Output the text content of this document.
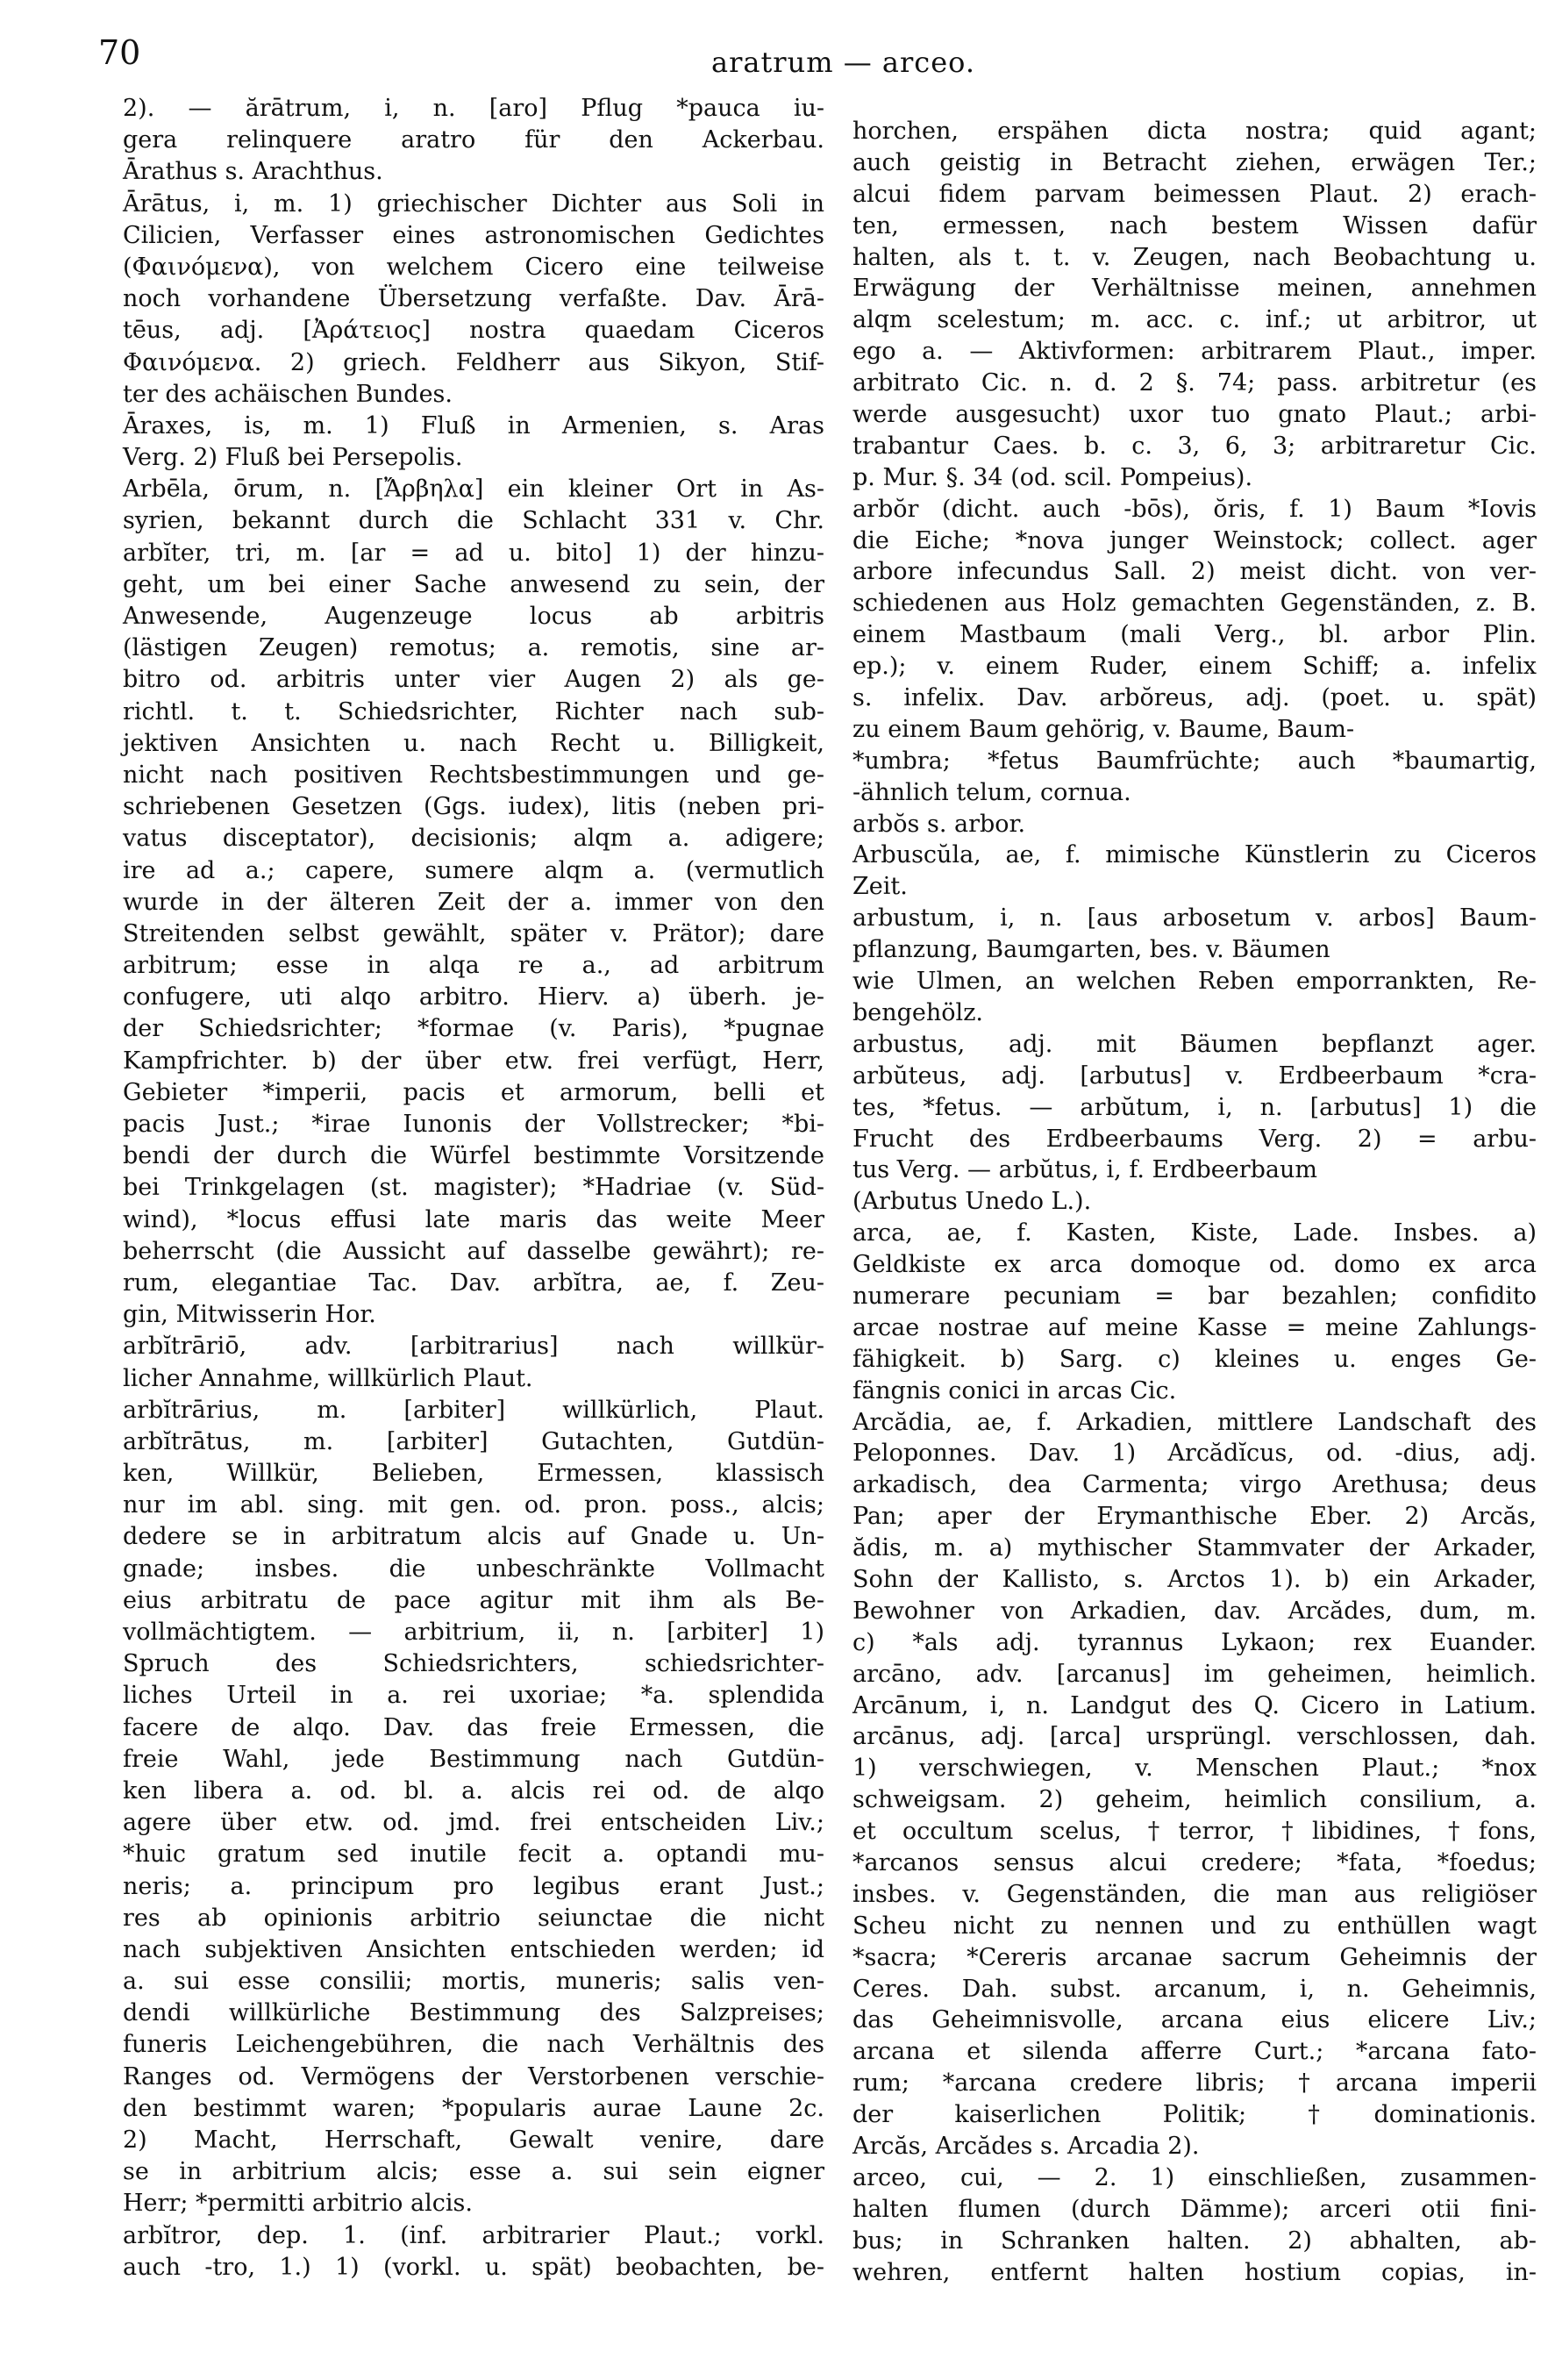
70	aratrum — arceo.
2). — ărātrum, i, n. [aro] Pflug *pauca iu-
gera relinquere aratro für den Ackerbau.
Ārathus s. Arachthus.
Ārātus, i, m. 1) griechischer Dichter aus Soli in
Cilicien, Verfasser eines astronomischen Gedichtes
(Φαινόμενα), von welchem Cicero eine teilweise
noch vorhandene Übersetzung verfaßte. Dav. Ārā-
tēus, adj. [Ἀράτειος] nostra quaedam Ciceros
Φαινόμενα. 2) griech. Feldherr aus Sikyon, Stif-
ter des achäischen Bundes.
Āraxes, is, m. 1) Fluß in Armenien, s. Aras
Verg. 2) Fluß bei Persepolis.
Arbēla, ōrum, n. [Ἄρβηλα] ein kleiner Ort in As-
syrien, bekannt durch die Schlacht 331 v. Chr.
arbĭter, tri, m. [ar = ad u. bito] 1) der hinzu-
geht, um bei einer Sache anwesend zu sein, der
Anwesende, Augenzeuge locus ab arbitris
(lästigen Zeugen) remotus; a. remotis, sine ar-
bitro od. arbitris unter vier Augen 2) als ge-
richtl. t. t. Schiedsrichter, Richter nach sub-
jektiven Ansichten u. nach Recht u. Billigkeit,
nicht nach positiven Rechtsbestimmungen und ge-
schriebenen Gesetzen (Ggs. iudex), litis (neben pri-
vatus disceptator), decisionis; alqm a. adigere;
ire ad a.; capere, sumere alqm a. (vermutlich
wurde in der älteren Zeit der a. immer von den
Streitenden selbst gewählt, später v. Prätor); dare
arbitrum; esse in alqa re a., ad arbitrum
confugere, uti alqo arbitro. Hierv. a) überh. je-
der Schiedsrichter; *formae (v. Paris), *pugnae
Kampfrichter. b) der über etw. frei verfügt, Herr,
Gebieter *imperii, pacis et armorum, belli et
pacis Just.; *irae Iunonis der Vollstrecker; *bi-
bendi der durch die Würfel bestimmte Vorsitzende
bei Trinkgelagen (st. magister); *Hadriae (v. Süd-
wind), *locus effusi late maris das weite Meer
beherrscht (die Aussicht auf dasselbe gewährt); re-
rum, elegantiae Tac. Dav. arbĭtra, ae, f. Zeu-
gin, Mitwisserin Hor.
arbĭtrāriō, adv. [arbitrarius] nach willkür-
licher Annahme, willkürlich Plaut.
arbĭtrārius, m. [arbiter] willkürlich, Plaut.
arbĭtrātus, m. [arbiter] Gutachten, Gutdün-
ken, Willkür, Belieben, Ermessen, klassisch
nur im abl. sing. mit gen. od. pron. poss., alcis;
dedere se in arbitratum alcis auf Gnade u. Un-
gnade; insbes. die unbeschränkte Vollmacht
eius arbitratu de pace agitur mit ihm als Be-
vollmächtigtem. — arbitrium, ii, n. [arbiter] 1)
Spruch des Schiedsrichters, schiedsrichter-
liches Urteil in a. rei uxoriae; *a. splendida
facere de alqo. Dav. das freie Ermessen, die
freie Wahl, jede Bestimmung nach Gutdün-
ken libera a. od. bl. a. alcis rei od. de alqo
agere über etw. od. jmd. frei entscheiden Liv.;
*huic gratum sed inutile fecit a. optandi mu-
neris; a. principum pro legibus erant Just.;
res ab opinionis arbitrio seiunctae die nicht
nach subjektiven Ansichten entschieden werden; id
a. sui esse consilii; mortis, muneris; salis ven-
dendi willkürliche Bestimmung des Salzpreises;
funeris Leichengebühren, die nach Verhältnis des
Ranges od. Vermögens der Verstorbenen verschie-
den bestimmt waren; *popularis aurae Laune 2c.
2) Macht, Herrschaft, Gewalt venire, dare
se in arbitrium alcis; esse a. sui sein eigner
Herr; *permitti arbitrio alcis.
arbĭtror, dep. 1. (inf. arbitrarier Plaut.; vorkl.
auch -tro, 1.) 1) (vorkl. u. spät) beobachten, be-
horchen, erspähen dicta nostra; quid agant;
auch geistig in Betracht ziehen, erwägen Ter.;
alcui fidem parvam beimessen Plaut. 2) erach-
ten, ermessen, nach bestem Wissen dafür
halten, als t. t. v. Zeugen, nach Beobachtung u.
Erwägung der Verhältnisse meinen, annehmen
alqm scelestum; m. acc. c. inf.; ut arbitror, ut
ego a. — Aktivformen: arbitrarem Plaut., imper.
arbitrato Cic. n. d. 2 §. 74; pass. arbitretur (es
werde ausgesucht) uxor tuo gnato Plaut.; arbi-
trabantur Caes. b. c. 3, 6, 3; arbitraretur Cic.
p. Mur. §. 34 (od. scil. Pompeius).
arbŏr (dicht. auch -bōs), ŏris, f. 1) Baum *Iovis
die Eiche; *nova junger Weinstock; collect. ager
arbore infecundus Sall. 2) meist dicht. von ver-
schiedenen aus Holz gemachten Gegenständen, z. B.
einem Mastbaum (mali Verg., bl. arbor Plin.
ep.); v. einem Ruder, einem Schiff; a. infelix
s. infelix. Dav. arbŏreus, adj. (poet. u. spät)
zu einem Baum gehörig, v. Baume, Baum-
*umbra; *fetus Baumfrüchte; auch *baumartig,
-ähnlich telum, cornua.
arbŏs s. arbor.
Arbuscŭla, ae, f. mimische Künstlerin zu Ciceros
Zeit.
arbustum, i, n. [aus arbosetum v. arbos] Baum-
pflanzung, Baumgarten, bes. v. Bäumen
wie Ulmen, an welchen Reben emporrankten, Re-
bengehölz.
arbustus, adj. mit Bäumen bepflanzt ager.
arbŭteus, adj. [arbutus] v. Erdbeerbaum *cra-
tes, *fetus. — arbŭtum, i, n. [arbutus] 1) die
Frucht des Erdbeerbaums Verg. 2) = arbu-
tus Verg. — arbŭtus, i, f. Erdbeerbaum
(Arbutus Unedo L.).
arca, ae, f. Kasten, Kiste, Lade. Insbes. a)
Geldkiste ex arca domoque od. domo ex arca
numerare pecuniam = bar bezahlen; confidito
arcae nostrae auf meine Kasse = meine Zahlungs-
fähigkeit. b) Sarg. c) kleines u. enges Ge-
fängnis conici in arcas Cic.
Arcădia, ae, f. Arkadien, mittlere Landschaft des
Peloponnes. Dav. 1) Arcădĭcus, od. -dius, adj.
arkadisch, dea Carmenta; virgo Arethusa; deus
Pan; aper der Erymanthische Eber. 2) Arcăs,
ădis, m. a) mythischer Stammvater der Arkader,
Sohn der Kallisto, s. Arctos 1). b) ein Arkader,
Bewohner von Arkadien, dav. Arcădes, dum, m.
c) *als adj. tyrannus Lykaon; rex Euander.
arcāno, adv. [arcanus] im geheimen, heimlich.
Arcānum, i, n. Landgut des Q. Cicero in Latium.
arcānus, adj. [arca] ursprüngl. verschlossen, dah.
1) verschwiegen, v. Menschen Plaut.; *nox
schweigsam. 2) geheim, heimlich consilium, a.
et occultum scelus, †terror, †libidines, †fons,
*arcanos sensus alcui credere; *fata, *foedus;
insbes. v. Gegenständen, die man aus religiöser
Scheu nicht zu nennen und zu enthüllen wagt
*sacra; *Cereris arcanae sacrum Geheimnis der
Ceres. Dah. subst. arcanum, i, n. Geheimnis,
das Geheimnisvolle, arcana eius elicere Liv.;
arcana et silenda afferre Curt.; *arcana fato-
rum; *arcana credere libris; †arcana imperii
der kaiserlichen Politik; †dominationis.
Arcăs, Arcădes s. Arcadia 2).
arceo, cui, — 2. 1) einschließen, zusammen-
halten flumen (durch Dämme); arceri otii fini-
bus; in Schranken halten. 2) abhalten, ab-
wehren, entfernt halten hostium copias, in-
